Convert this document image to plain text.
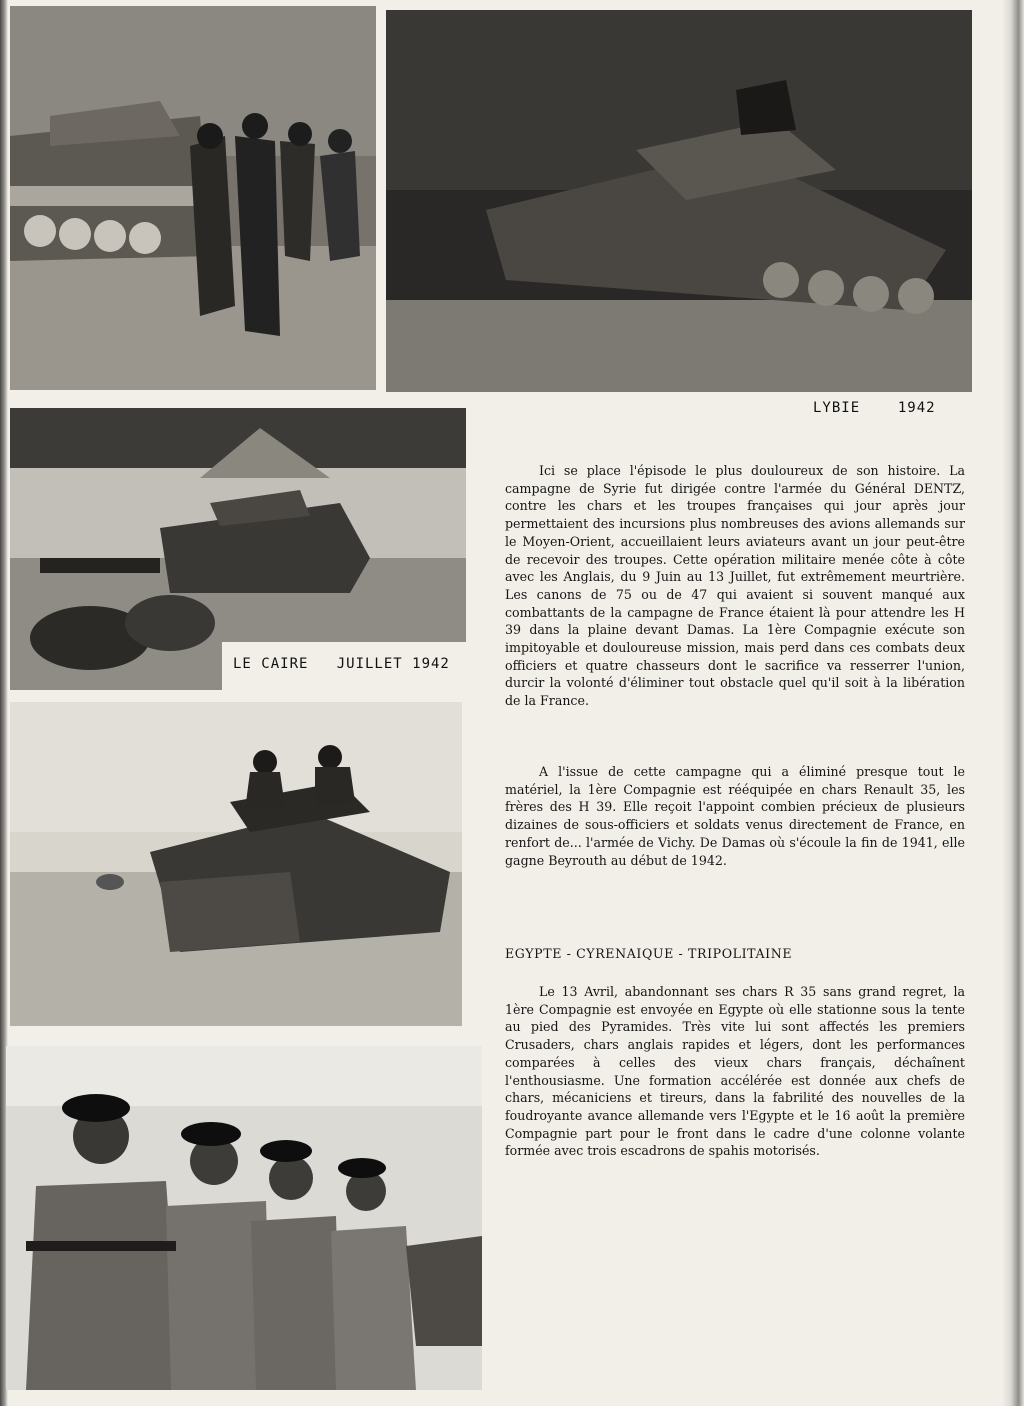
LYBIE    1942
LE CAIRE   JUILLET 1942

Ici se place l'épisode le plus douloureux de son histoire. La campagne de Syrie fut dirigée contre l'armée du Général DENTZ, contre les chars et les troupes françaises qui jour après jour permettaient des incursions plus nombreuses des avions allemands sur le Moyen-Orient, accueillaient leurs aviateurs avant un jour peut-être de recevoir des troupes. Cette opération militaire menée côte à côte avec les Anglais, du 9 Juin au 13 Juillet, fut extrêmement meurtrière. Les canons de 75 ou de 47 qui avaient si souvent manqué aux combattants de la campagne de France étaient là pour attendre les H 39 dans la plaine devant Damas. La 1ère Compagnie exécute son impitoyable et douloureuse mission, mais perd dans ces combats deux officiers et quatre chasseurs dont le sacrifice va resserrer l'union, durcir la volonté d'éliminer tout obstacle quel qu'il soit à la libération de la France.

A l'issue de cette campagne qui a éliminé presque tout le matériel, la 1ère Compagnie est rééquipée en chars Renault 35, les frères des H 39. Elle reçoit l'appoint combien précieux de plusieurs dizaines de sous-officiers et soldats venus directement de France, en renfort de... l'armée de Vichy. De Damas où s'écoule la fin de 1941, elle gagne Beyrouth au début de 1942.

EGYPTE - CYRENAIQUE - TRIPOLITAINE

Le 13 Avril, abandonnant ses chars R 35 sans grand regret, la 1ère Compagnie est envoyée en Egypte où elle stationne sous la tente au pied des Pyramides. Très vite lui sont affectés les premiers Crusaders, chars anglais rapides et légers, dont les performances comparées à celles des vieux chars français, déchaînent l'enthousiasme. Une formation accélérée est donnée aux chefs de chars, mécaniciens et tireurs, dans la fabrilité des nouvelles de la foudroyante avance allemande vers l'Egypte et le 16 août la première Compagnie part pour le front dans le cadre d'une colonne volante formée avec trois escadrons de spahis motorisés.
